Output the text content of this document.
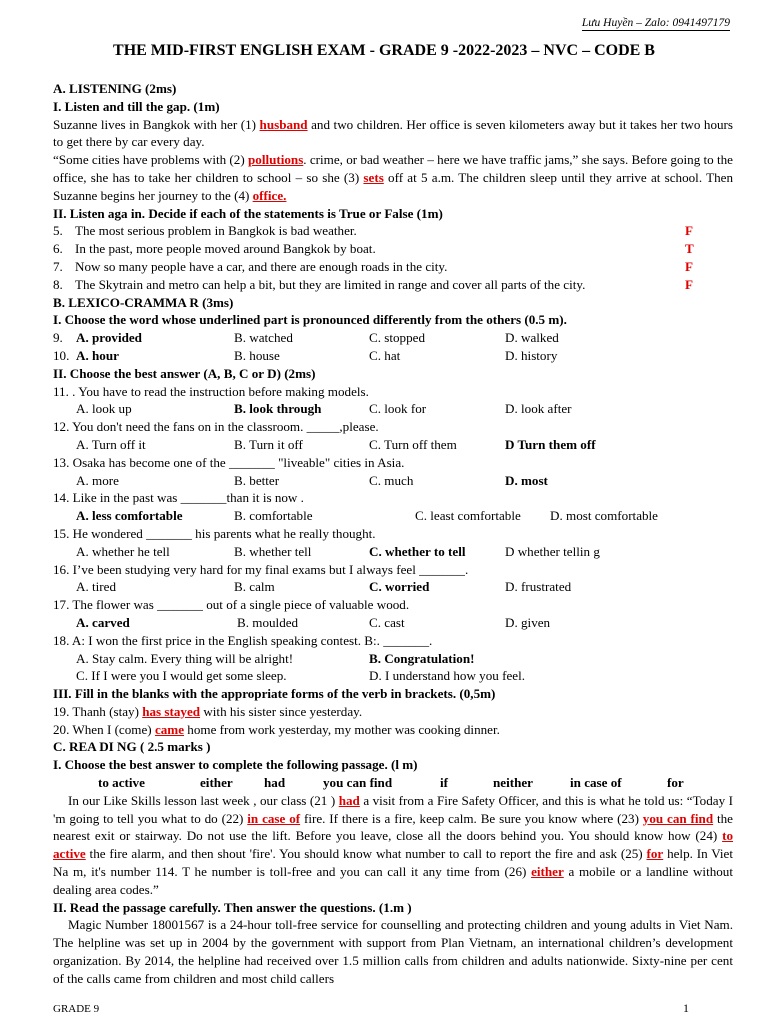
Lưu Huyền – Zalo: 0941497179
THE MID-FIRST ENGLISH EXAM - GRADE 9 -2022-2023 – NVC – CODE B
A. LISTENING (2ms)
I. Listen and till the gap. (1m)
Suzanne lives in Bangkok with her (1) husband and two children. Her office is seven kilometers away but it takes her two hours to get there by car every day.
“Some cities have problems with (2) pollutions. crime, or bad weather – here we have traffic jams,” she says. Before going to the office, she has to take her children to school – so she (3) sets off at 5 a.m. The children sleep until they arrive at school. Then Suzanne begins her journey to the (4) office.
II. Listen aga in. Decide if each of the statements is True or False (1m)
5. The most serious problem in Bangkok is bad weather.	F
6. In the past, more people moved around Bangkok by boat.	T
7. Now so many people have a car, and there are enough roads in the city.	F
8. The Skytrain and metro can help a bit, but they are limited in range and cover all parts of the city.	F
B. LEXICO-CRAMMA R (3ms)
I. Choose the word whose underlined part is pronounced differently from the others (0.5 m).
9. A. provided	B. watched	C. stopped	D. walked
10. A. hour	B. house	C. hat	D. history
II. Choose the best answer (A, B, C or D) (2ms)
11. . You have to read the instruction before making models.
A. look up	B. look through	C. look for	D. look after
12. You don't need the fans on in the classroom. _____,please.
A. Turn off it	B. Turn it off	C. Turn off them	D Turn them off
13. Osaka has become one of the _______ "liveable" cities in Asia.
A. more	B. better	C. much	D. most
14. Like in the past was _______than it is now .
A. less comfortable	B. comfortable	C. least comfortable D. most comfortable
15. He wondered _______ his parents what he really thought.
A. whether he tell	B. whether tell	C. whether to tell	D whether tellin g
16. I’ve been studying very hard for my final exams but I always feel _______.
A. tired	B. calm	C. worried	D. frustrated
17. The flower was _______ out of a single piece of valuable wood.
A. carved	B. moulded	C. cast	D. given
18. A: I won the first price in the English speaking contest. B:. _______.
A. Stay calm. Every thing will be alright!	B. Congratulation!
C. If I were you I would get some sleep.	D. I understand how you feel.
III. Fill in the blanks with the appropriate forms of the verb in brackets. (0,5m)
19. Thanh (stay) has stayed with his sister since yesterday.
20. When I (come) came home from work yesterday, my mother was cooking dinner.
C. REA DI NG ( 2.5 marks )
I. Choose the best answer to complete the following passage. (l m)
to active	either had	you can find	if	neither	in case of	for
In our Like Skills lesson last week , our class (21 ) had a visit from a Fire Safety Officer, and this is what he told us: “Today I 'm going to tell you what to do (22) in case of fire. If there is a fire, keep calm. Be sure you know where (23) you can find the nearest exit or stairway. Do not use the lift. Before you leave, close all the doors behind you. You should know how (24) to active the fire alarm, and then shout 'fire'. You should know what number to call to report the fire and ask (25) for help. In Viet Na m, it's number 114. T he number is toll-free and you can call it any time from (26) either a mobile or a landline without dealing area codes.”
II. Read the passage carefully. Then answer the questions. (1.m )
Magic Number 18001567 is a 24-hour toll-free service for counselling and protecting children and young adults in Viet Nam. The helpline was set up in 2004 by the government with support from Plan Vietnam, an international children’s development organization. By 2014, the helpline had received over 1.5 million calls from children and adults nationwide. Sixty-nine per cent of the calls came from children and most child callers
GRADE 9	1
